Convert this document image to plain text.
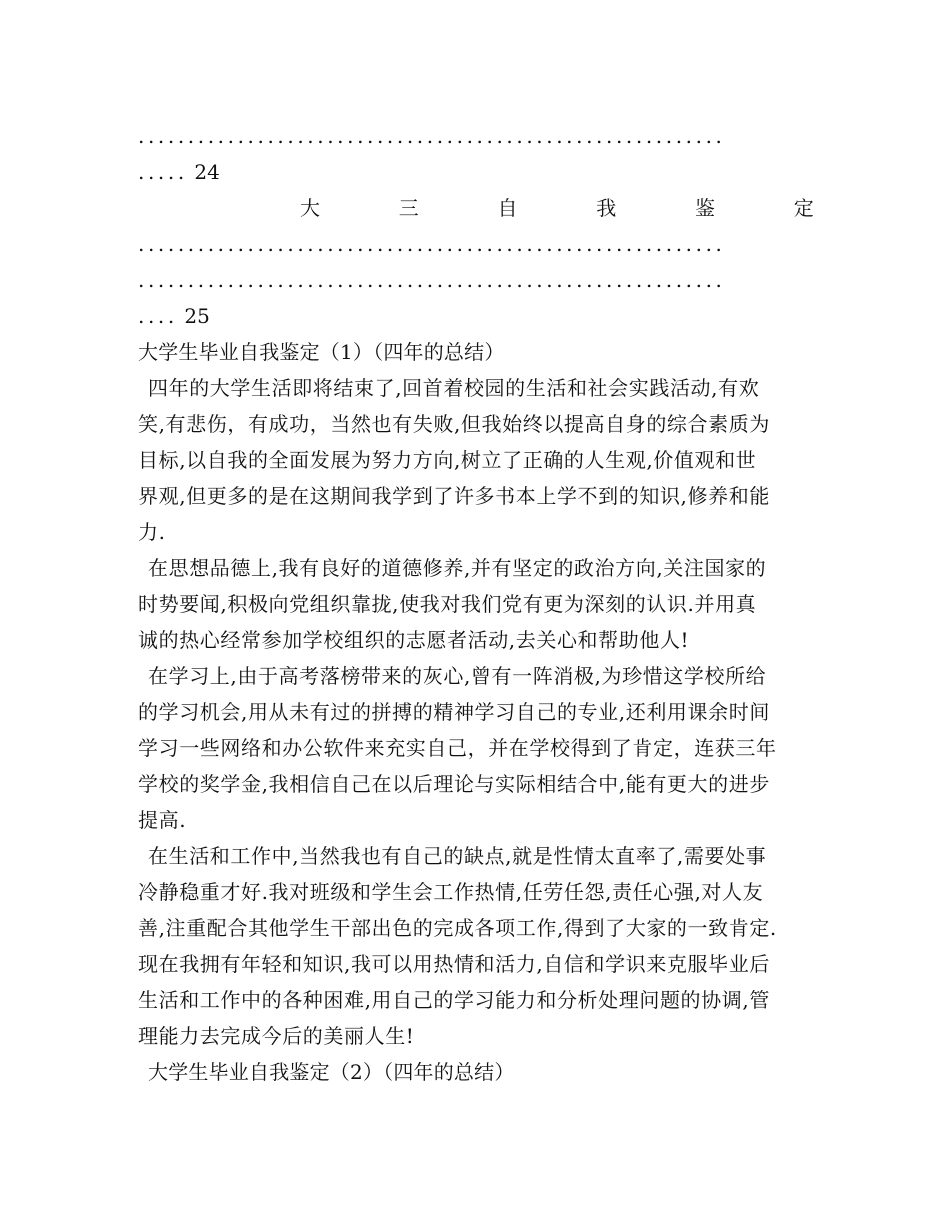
...........................................................
..... 24
大	三	自	我	鉴	定
...........................................................
...........................................................
.... 25
大学生毕业自我鉴定（1）（四年的总结）
四年的大学生活即将结束了,回首着校园的生活和社会实践活动,有欢
笑,有悲伤，有成功，当然也有失败,但我始终以提高自身的综合素质为
目标,以自我的全面发展为努力方向,树立了正确的人生观,价值观和世
界观,但更多的是在这期间我学到了许多书本上学不到的知识,修养和能
力.
在思想品德上,我有良好的道德修养,并有坚定的政治方向,关注国家的
时势要闻,积极向党组织靠拢,使我对我们党有更为深刻的认识.并用真
诚的热心经常参加学校组织的志愿者活动,去关心和帮助他人!
在学习上,由于高考落榜带来的灰心,曾有一阵消极,为珍惜这学校所给
的学习机会,用从未有过的拼搏的精神学习自己的专业,还利用课余时间
学习一些网络和办公软件来充实自己，并在学校得到了肯定，连获三年
学校的奖学金,我相信自己在以后理论与实际相结合中,能有更大的进步
提高.
在生活和工作中,当然我也有自己的缺点,就是性情太直率了,需要处事
冷静稳重才好.我对班级和学生会工作热情,任劳任怨,责任心强,对人友
善,注重配合其他学生干部出色的完成各项工作,得到了大家的一致肯定.
现在我拥有年轻和知识,我可以用热情和活力,自信和学识来克服毕业后
生活和工作中的各种困难,用自己的学习能力和分析处理问题的协调,管
理能力去完成今后的美丽人生!
大学生毕业自我鉴定（2）（四年的总结）
